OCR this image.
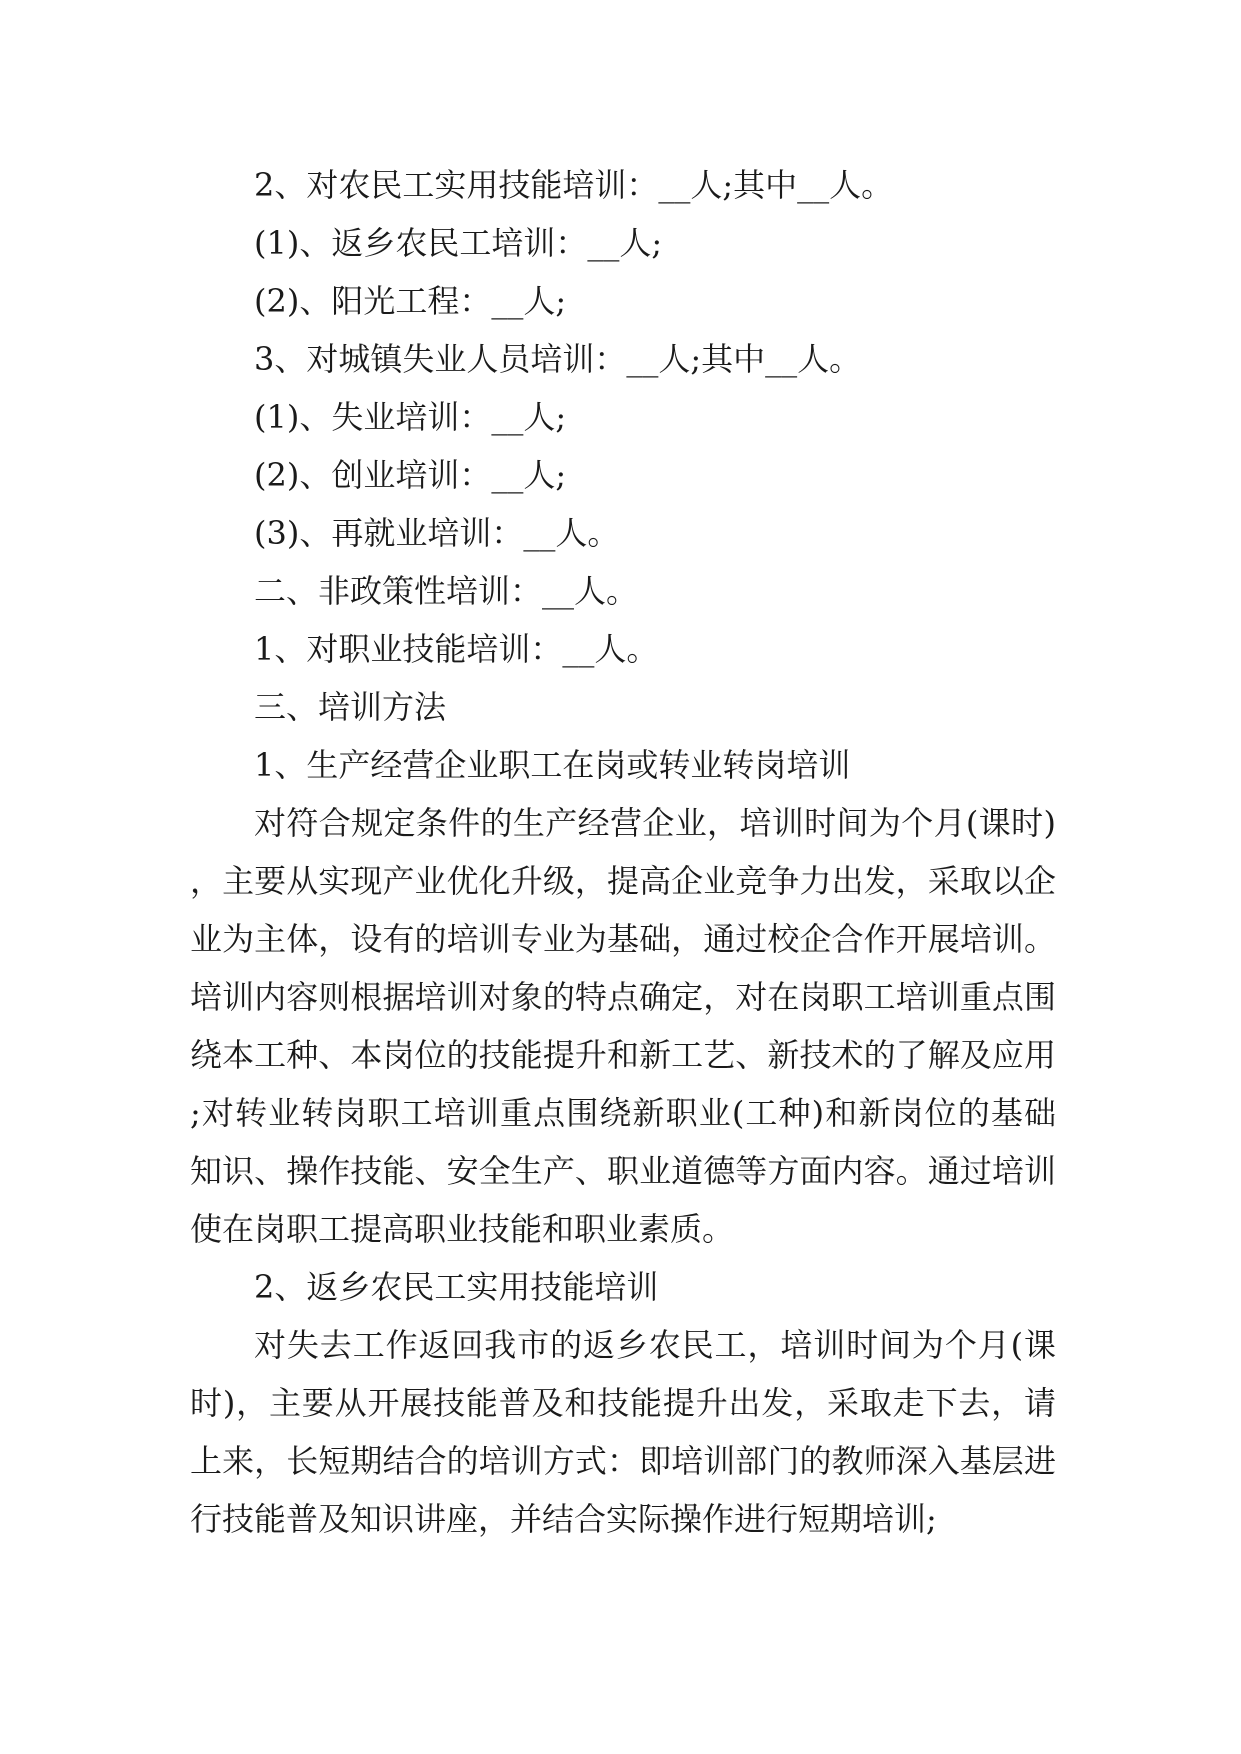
2、对农民工实用技能培训：__人;其中__人。

(1)、返乡农民工培训：__人;

(2)、阳光工程：__人;

3、对城镇失业人员培训：__人;其中__人。

(1)、失业培训：__人;

(2)、创业培训：__人;

(3)、再就业培训：__人。

二、非政策性培训：__人。

1、对职业技能培训：__人。

三、培训方法

1、生产经营企业职工在岗或转业转岗培训

对符合规定条件的生产经营企业，培训时间为个月(课时)，主要从实现产业优化升级，提高企业竞争力出发，采取以企业为主体，设有的培训专业为基础，通过校企合作开展培训。培训内容则根据培训对象的特点确定，对在岗职工培训重点围绕本工种、本岗位的技能提升和新工艺、新技术的了解及应用;对转业转岗职工培训重点围绕新职业(工种)和新岗位的基础知识、操作技能、安全生产、职业道德等方面内容。通过培训使在岗职工提高职业技能和职业素质。

2、返乡农民工实用技能培训

对失去工作返回我市的返乡农民工，培训时间为个月(课时)，主要从开展技能普及和技能提升出发，采取走下去，请上来，长短期结合的培训方式：即培训部门的教师深入基层进行技能普及知识讲座，并结合实际操作进行短期培训;
